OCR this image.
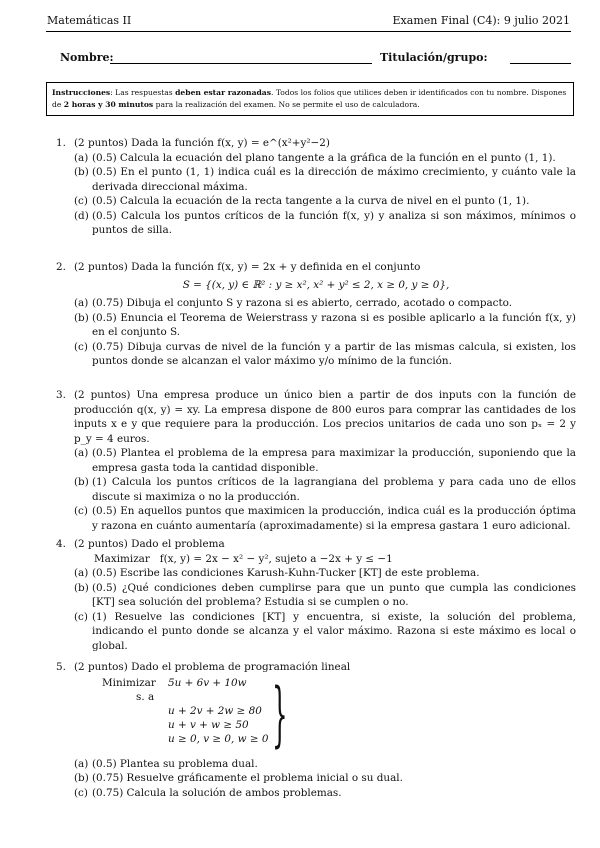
Matemáticas II	Examen Final (C4): 9 julio 2021
Nombre:	Titulación/grupo:
Instrucciones: Las respuestas deben estar razonadas. Todos los folios que utilices deben ir identificados con tu nombre. Dispones de 2 horas y 30 minutos para la realización del examen. No se permite el uso de calculadora.
1. (2 puntos) Dada la función f(x, y) = e^(x²+y²−2)
(a) (0.5) Calcula la ecuación del plano tangente a la gráfica de la función en el punto (1, 1).
(b) (0.5) En el punto (1, 1) indica cuál es la dirección de máximo crecimiento, y cuánto vale la derivada direccional máxima.
(c) (0.5) Calcula la ecuación de la recta tangente a la curva de nivel en el punto (1, 1).
(d) (0.5) Calcula los puntos críticos de la función f(x, y) y analiza si son máximos, mínimos o puntos de silla.
2. (2 puntos) Dada la función f(x, y) = 2x + y definida en el conjunto
S = {(x, y) ∈ ℝ² : y ≥ x², x² + y² ≤ 2, x ≥ 0, y ≥ 0},
(a) (0.75) Dibuja el conjunto S y razona si es abierto, cerrado, acotado o compacto.
(b) (0.5) Enuncia el Teorema de Weierstrass y razona si es posible aplicarlo a la función f(x, y) en el conjunto S.
(c) (0.75) Dibuja curvas de nivel de la función y a partir de las mismas calcula, si existen, los puntos donde se alcanzan el valor máximo y/o mínimo de la función.
3. (2 puntos) Una empresa produce un único bien a partir de dos inputs con la función de producción q(x, y) = xy. La empresa dispone de 800 euros para comprar las cantidades de los inputs x e y que requiere para la producción. Los precios unitarios de cada uno son pₓ = 2 y p_y = 4 euros.
(a) (0.5) Plantea el problema de la empresa para maximizar la producción, suponiendo que la empresa gasta toda la cantidad disponible.
(b) (1) Calcula los puntos críticos de la lagrangiana del problema y para cada uno de ellos discute si maximiza o no la producción.
(c) (0.5) En aquellos puntos que maximicen la producción, indica cuál es la producción óptima y razona en cuánto aumentaría (aproximadamente) si la empresa gastara 1 euro adicional.
4. (2 puntos) Dado el problema
Maximizar   f(x, y) = 2x − x² − y², sujeto a −2x + y ≤ −1
(a) (0.5) Escribe las condiciones Karush-Kuhn-Tucker [KT] de este problema.
(b) (0.5) ¿Qué condiciones deben cumplirse para que un punto que cumpla las condiciones [KT] sea solución del problema? Estudia si se cumplen o no.
(c) (1) Resuelve las condiciones [KT] y encuentra, si existe, la solución del problema, indicando el punto donde se alcanza y el valor máximo. Razona si este máximo es local o global.
5. (2 puntos) Dado el problema de programación lineal
Minimizar
s. a
5u + 6v + 10w
u + 2v + 2w ≥ 80
u + v + w ≥ 50
u ≥ 0, v ≥ 0, w ≥ 0 }
(a) (0.5) Plantea su problema dual.
(b) (0.75) Resuelve gráficamente el problema inicial o su dual.
(c) (0.75) Calcula la solución de ambos problemas.
